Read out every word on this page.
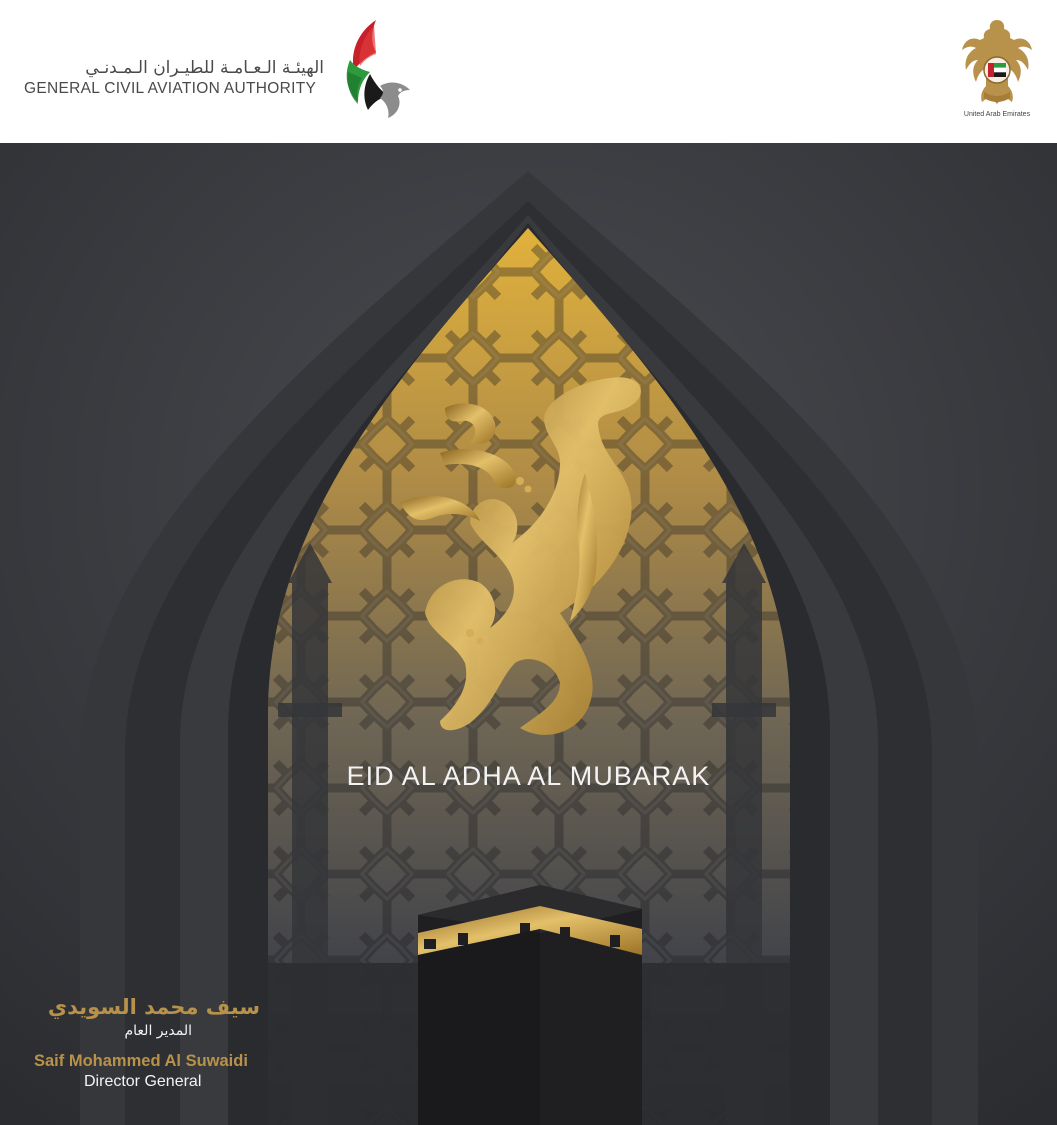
الهيئـة الـعـامـة للطيـران الـمـدنـي
GENERAL CIVIL AVIATION AUTHORITY
United Arab Emirates
EID AL ADHA AL MUBARAK
سيف محمد السويدي
المدير العام
Saif Mohammed Al Suwaidi
Director General
